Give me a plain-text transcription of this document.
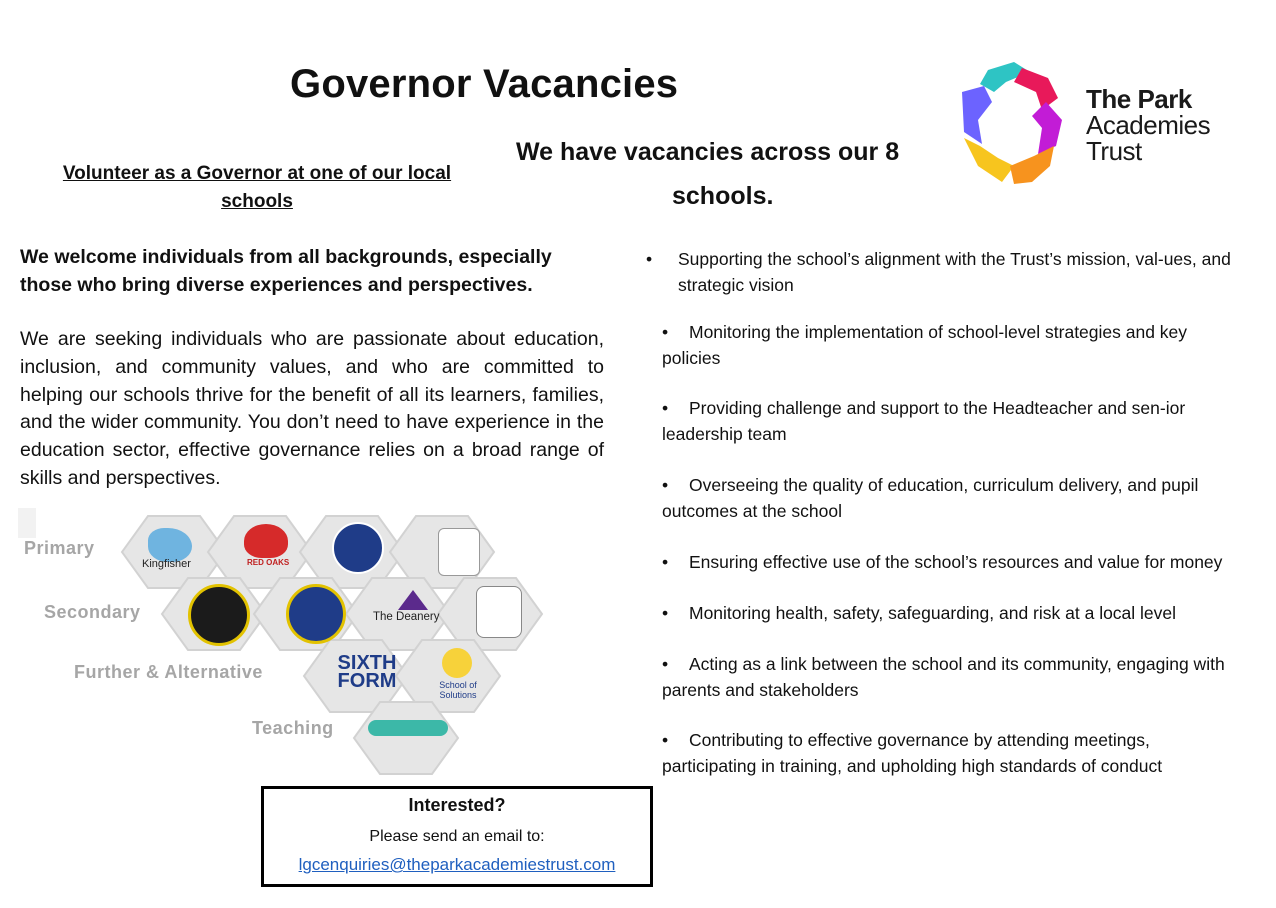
Governor Vacancies
We have vacancies across our 8
schools.
The Park
Academies
Trust
Volunteer as a Governor at one of our local schools
We welcome individuals from all backgrounds, especially those who bring diverse experiences and perspectives.
We are seeking individuals who are passionate about education, inclusion, and community values, and who are committed to helping our schools thrive for the benefit of all its learners, families, and the wider community. You don’t need to have experience in the education sector, effective governance relies on a broad range of skills and perspectives.
Primary
Secondary
Further & Alternative
Teaching
Kingfisher	RED OAKS
The Deanery
SIXTH FORM	School of Solutions
• Supporting the school’s alignment with the Trust’s mission, val-ues, and strategic vision
• Monitoring the implementation of school-level strategies and key policies
• Providing challenge and support to the Headteacher and sen-ior leadership team
• Overseeing the quality of education, curriculum delivery, and pupil outcomes at the school
• Ensuring effective use of the school’s resources and value for money
• Monitoring health, safety, safeguarding, and risk at a local level
• Acting as a link between the school and its community, engaging with parents and stakeholders
• Contributing to effective governance by attending meetings, participating in training, and upholding high standards of conduct
Interested?
Please send an email to:
lgcenquiries@theparkacademiestrust.com
